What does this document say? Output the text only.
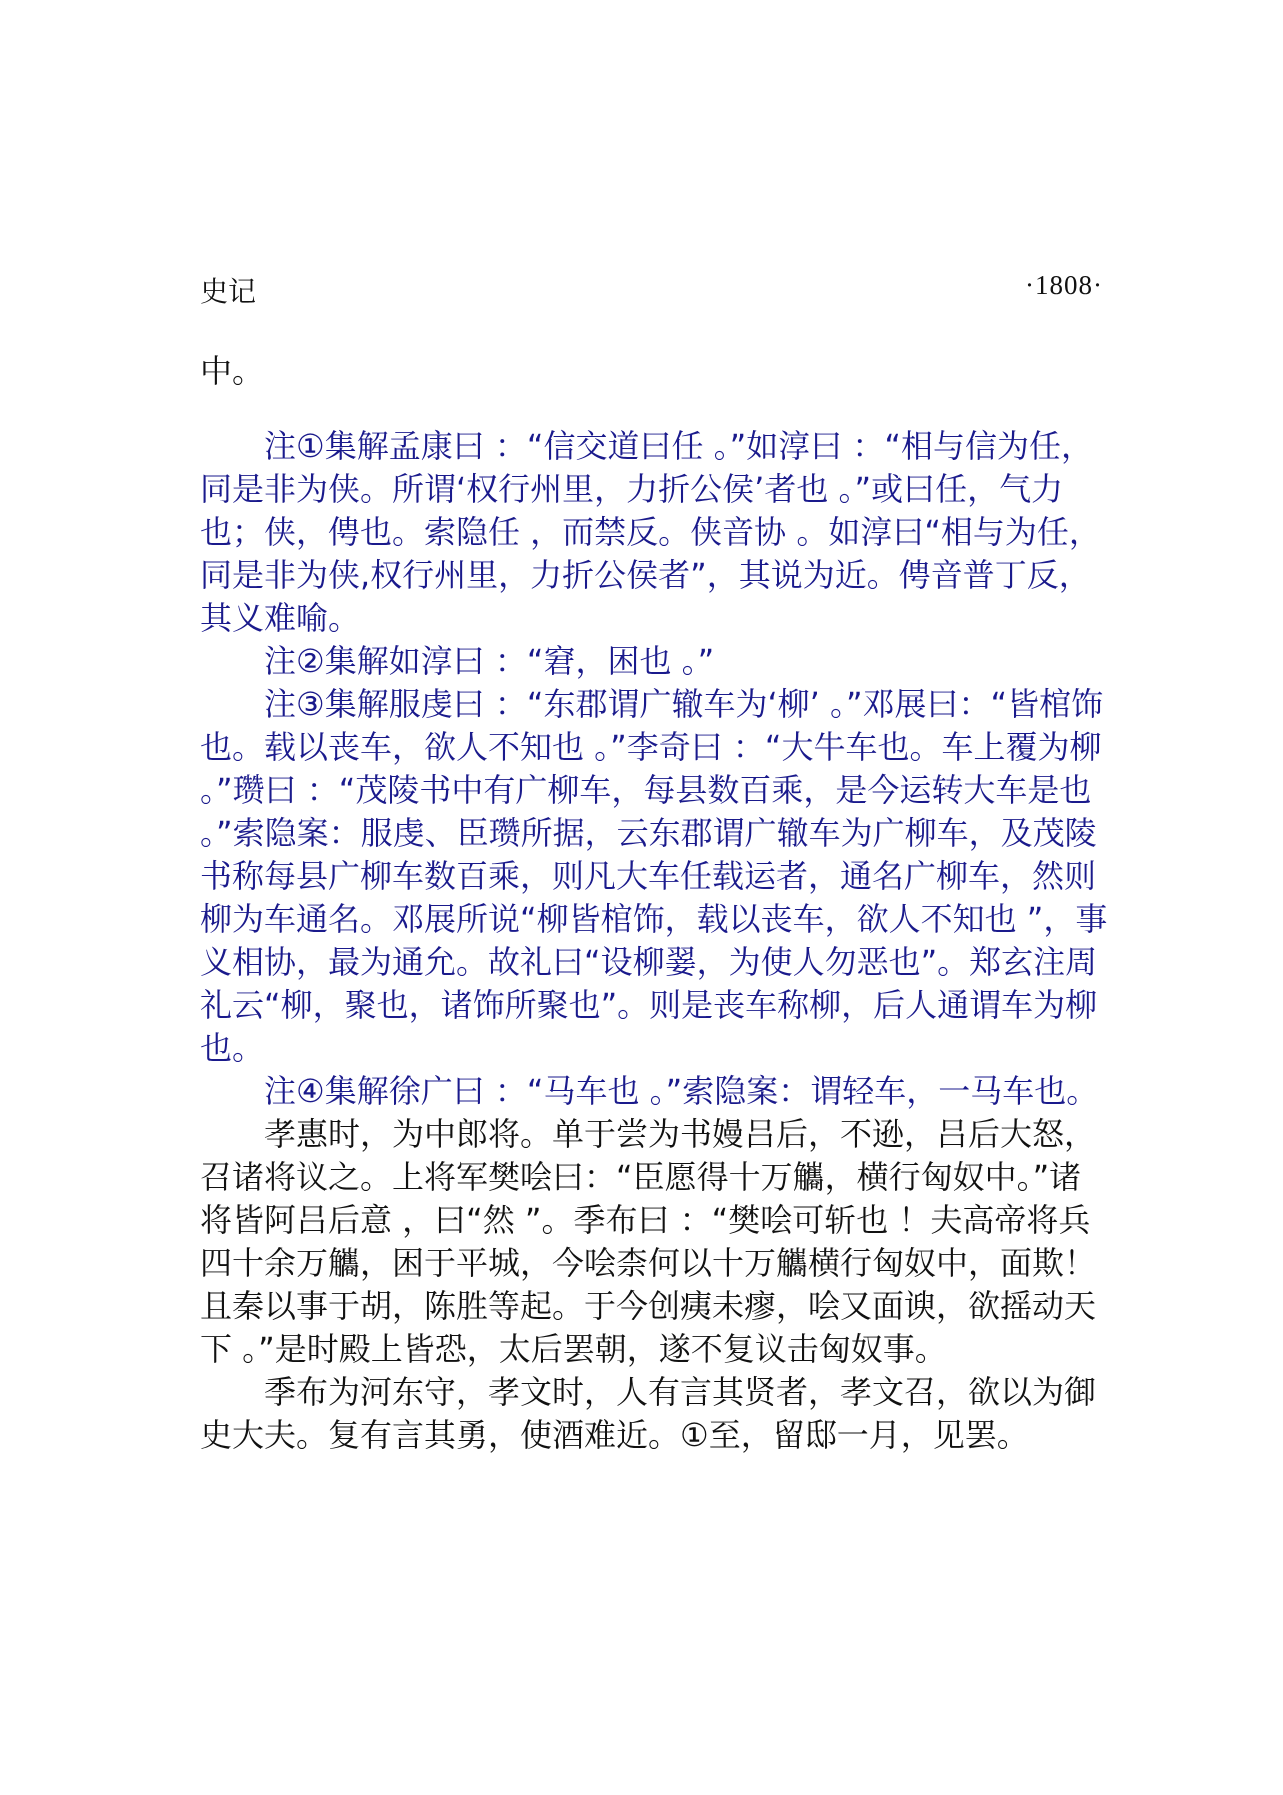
史记	·1808·

中。

注①集解孟康曰 ：“信交道曰任 。”如淳曰 ：“相与信为任，同是非为侠。所谓‘权行州里，力折公侯’者也 。”或曰任，气力也；侠，俜也。索隐任 ，而禁反。侠音协 。如淳曰“相与为任，同是非为侠,权行州里，力折公侯者”，其说为近。俜音普丁反，其义难喻。

注②集解如淳曰 ：“窘，困也 。”

注③集解服虔曰 ：“东郡谓广辙车为‘柳’ 。”邓展曰：“皆棺饰也。载以丧车，欲人不知也 。”李奇曰 ：“大牛车也。车上覆为柳 。”瓒曰 ：“茂陵书中有广柳车，每县数百乘，是今运转大车是也 。”索隐案：服虔、臣瓒所据，云东郡谓广辙车为广柳车，及茂陵书称每县广柳车数百乘，则凡大车任载运者，通名广柳车，然则柳为车通名。邓展所说“柳皆棺饰，载以丧车，欲人不知也 ”，事义相协，最为通允。故礼曰“设柳翣，为使人勿恶也”。郑玄注周礼云“柳，聚也，诸饰所聚也”。则是丧车称柳，后人通谓车为柳也。

注④集解徐广曰 ：“马车也 。”索隐案：谓轻车，一马车也。

孝惠时，为中郎将。单于尝为书嫚吕后，不逊，吕后大怒，召诸将议之。上将军樊哙曰：“臣愿得十万觿，横行匈奴中。”诸将皆阿吕后意 ，曰“然 ”。季布曰 ：“樊哙可斩也 ！夫高帝将兵四十余万觿，困于平城，今哙柰何以十万觿横行匈奴中，面欺！且秦以事于胡，陈胜等起。于今创痍未瘳，哙又面谀，欲摇动天下 。”是时殿上皆恐，太后罢朝，遂不复议击匈奴事。

季布为河东守，孝文时，人有言其贤者，孝文召，欲以为御史大夫。复有言其勇，使酒难近。①至，留邸一月，见罢。
